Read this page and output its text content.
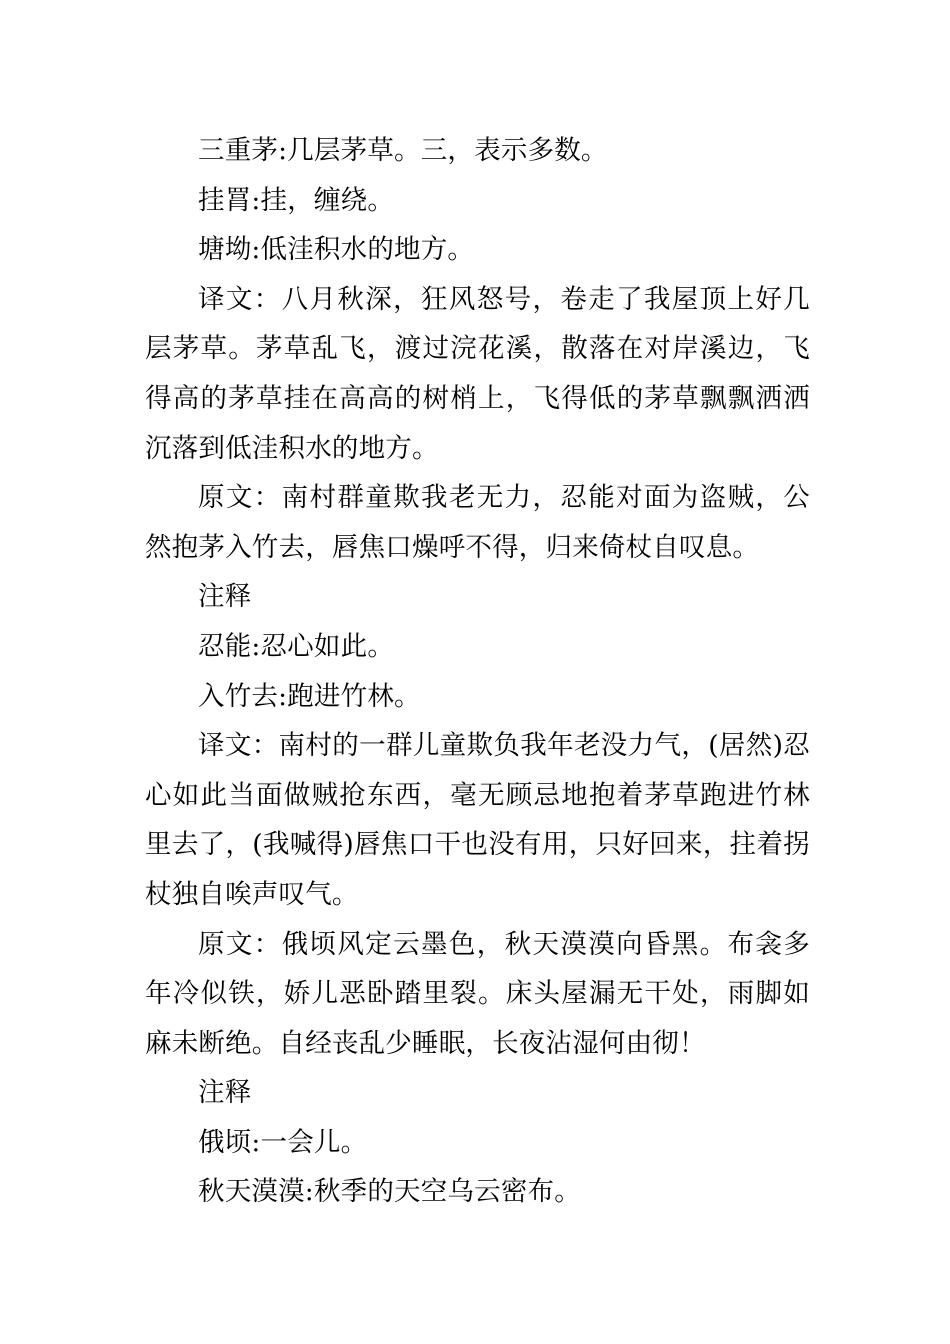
三重茅:几层茅草。三，表示多数。

挂罥:挂，缠绕。

塘坳:低洼积水的地方。

译文：八月秋深，狂风怒号，卷走了我屋顶上好几层茅草。茅草乱飞，渡过浣花溪，散落在对岸溪边，飞得高的茅草挂在高高的树梢上，飞得低的茅草飘飘洒洒沉落到低洼积水的地方。

原文：南村群童欺我老无力，忍能对面为盗贼，公然抱茅入竹去，唇焦口燥呼不得，归来倚杖自叹息。

注释

忍能:忍心如此。

入竹去:跑进竹林。

译文：南村的一群儿童欺负我年老没力气，(居然)忍心如此当面做贼抢东西，毫无顾忌地抱着茅草跑进竹林里去了，(我喊得)唇焦口干也没有用，只好回来，拄着拐杖独自唉声叹气。

原文：俄顷风定云墨色，秋天漠漠向昏黑。布衾多年冷似铁，娇儿恶卧踏里裂。床头屋漏无干处，雨脚如麻未断绝。自经丧乱少睡眠，长夜沾湿何由彻！

注释

俄顷:一会儿。

秋天漠漠:秋季的天空乌云密布。
